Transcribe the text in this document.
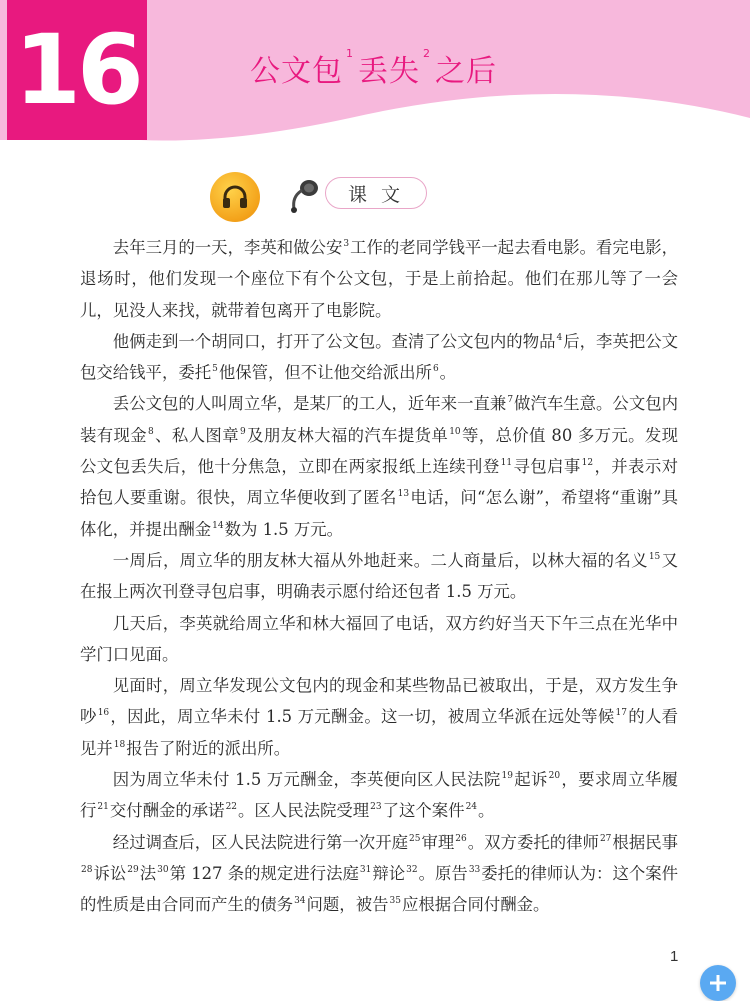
16	公文包
$^1$
丢失
$^2$
之后
课 文

去年三月的一天，李英和做公安$^3$工作的老同学钱平一起去看电影。看完电影，退场时，他们发现一个座位下有个公文包，于是上前拾起。他们在那儿等了一会儿，见没人来找，就带着包离开了电影院。

他俩走到一个胡同口，打开了公文包。查清了公文包内的物品$^4$后，李英把公文包交给钱平，委托$^5$他保管，但不让他交给派出所$^6$。

丢公文包的人叫周立华，是某厂的工人，近年来一直兼$^7$做汽车生意。公文包内装有现金$^8$、私人图章$^9$及朋友林大福的汽车提货单$^{10}$等，总价值 80 多万元。发现公文包丢失后，他十分焦急，立即在两家报纸上连续刊登$^{11}$寻包启事$^{12}$，并表示对拾包人要重谢。很快，周立华便收到了匿名$^{13}$电话，问“怎么谢”，希望将“重谢”具体化，并提出酬金$^{14}$数为 1.5 万元。

一周后，周立华的朋友林大福从外地赶来。二人商量后，以林大福的名义$^{15}$又在报上两次刊登寻包启事，明确表示愿付给还包者 1.5 万元。

几天后，李英就给周立华和林大福回了电话，双方约好当天下午三点在光华中学门口见面。

见面时，周立华发现公文包内的现金和某些物品已被取出，于是，双方发生争吵$^{16}$，因此，周立华未付 1.5 万元酬金。这一切，被周立华派在远处等候$^{17}$的人看见并$^{18}$报告了附近的派出所。

因为周立华未付 1.5 万元酬金，李英便向区人民法院$^{19}$起诉$^{20}$，要求周立华履行$^{21}$交付酬金的承诺$^{22}$。区人民法院受理$^{23}$了这个案件$^{24}$。

经过调查后，区人民法院进行第一次开庭$^{25}$审理$^{26}$。双方委托的律师$^{27}$根据民事$^{28}$诉讼$^{29}$法$^{30}$第 127 条的规定进行法庭$^{31}$辩论$^{32}$。原告$^{33}$委托的律师认为：这个案件的性质是由合同而产生的债务$^{34}$问题，被告$^{35}$应根据合同付酬金。

1
